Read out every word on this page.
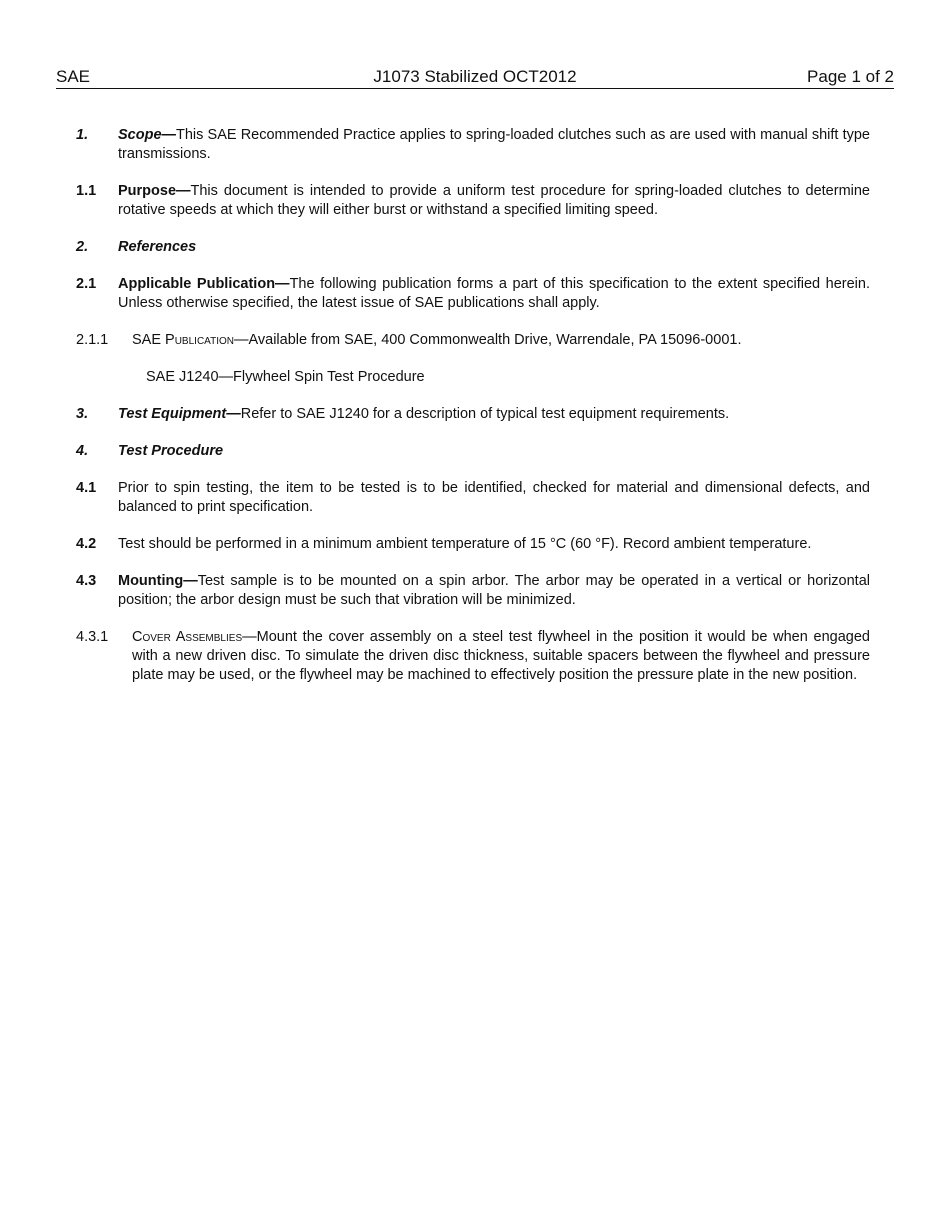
SAE	J1073 Stabilized OCT2012	Page 1 of 2
1. Scope—This SAE Recommended Practice applies to spring-loaded clutches such as are used with manual shift type transmissions.
1.1 Purpose—This document is intended to provide a uniform test procedure for spring-loaded clutches to determine rotative speeds at which they will either burst or withstand a specified limiting speed.
2. References
2.1 Applicable Publication—The following publication forms a part of this specification to the extent specified herein. Unless otherwise specified, the latest issue of SAE publications shall apply.
2.1.1 SAE Publication—Available from SAE, 400 Commonwealth Drive, Warrendale, PA 15096-0001.
SAE J1240—Flywheel Spin Test Procedure
3. Test Equipment—Refer to SAE J1240 for a description of typical test equipment requirements.
4. Test Procedure
4.1 Prior to spin testing, the item to be tested is to be identified, checked for material and dimensional defects, and balanced to print specification.
4.2 Test should be performed in a minimum ambient temperature of 15 °C (60 °F). Record ambient temperature.
4.3 Mounting—Test sample is to be mounted on a spin arbor. The arbor may be operated in a vertical or horizontal position; the arbor design must be such that vibration will be minimized.
4.3.1 Cover Assemblies—Mount the cover assembly on a steel test flywheel in the position it would be when engaged with a new driven disc. To simulate the driven disc thickness, suitable spacers between the flywheel and pressure plate may be used, or the flywheel may be machined to effectively position the pressure plate in the new position.
